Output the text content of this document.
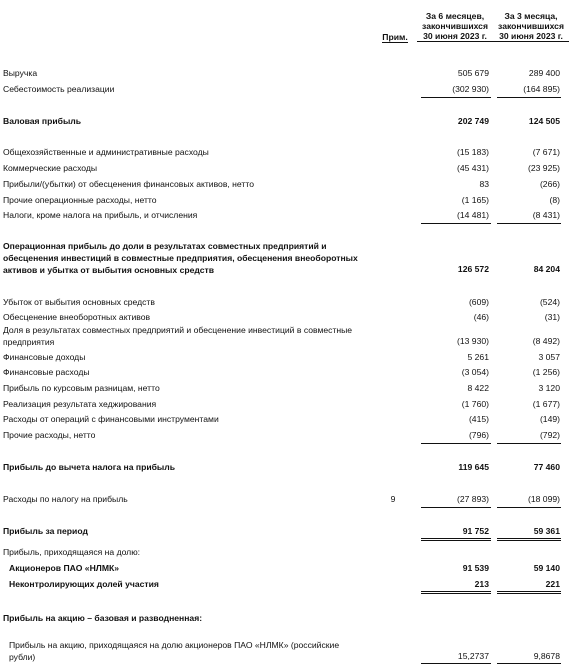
Прим.
За 6 месяцев,
закончившихся
30 июня 2023 г.
За 3 месяца,
закончившихся
30 июня 2023 г.
Выручка	505 679	289 400
Себестоимость реализации	(302 930)	(164 895)
Валовая прибыль	202 749	124 505
Общехозяйственные и административные расходы	(15 183)	(7 671)
Коммерческие расходы	(45 431)	(23 925)
Прибыли/(убытки) от обесценения финансовых активов, нетто	83	(266)
Прочие операционные расходы, нетто	(1 165)	(8)
Налоги, кроме налога на прибыль, и отчисления	(14 481)	(8 431)
Операционная прибыль до доли в результатах совместных предприятий и обесценения инвестиций в совместные предприятия, обесценения внеоборотных активов и убытка от выбытия основных средств	126 572	84 204
Убыток от выбытия основных средств	(609)	(524)
Обесценение внеоборотных активов	(46)	(31)
Доля в результатах совместных предприятий и обесценение инвестиций в совместные предприятия	(13 930)	(8 492)
Финансовые доходы	5 261	3 057
Финансовые расходы	(3 054)	(1 256)
Прибыль по курсовым разницам, нетто	8 422	3 120
Реализация результата хеджирования	(1 760)	(1 677)
Расходы от операций с финансовыми инструментами	(415)	(149)
Прочие расходы, нетто	(796)	(792)
Прибыль до вычета налога на прибыль	119 645	77 460
Расходы по налогу на прибыль	9	(27 893)	(18 099)
Прибыль за период	91 752	59 361
Прибыль, приходящаяся на долю:
Акционеров ПАО «НЛМК»	91 539	59 140
Неконтролирующих долей участия	213	221
Прибыль на акцию – базовая и разводненная:
Прибыль на акцию, приходящаяся на долю акционеров ПАО «НЛМК» (российские рубли)	15,2737	9,8678
